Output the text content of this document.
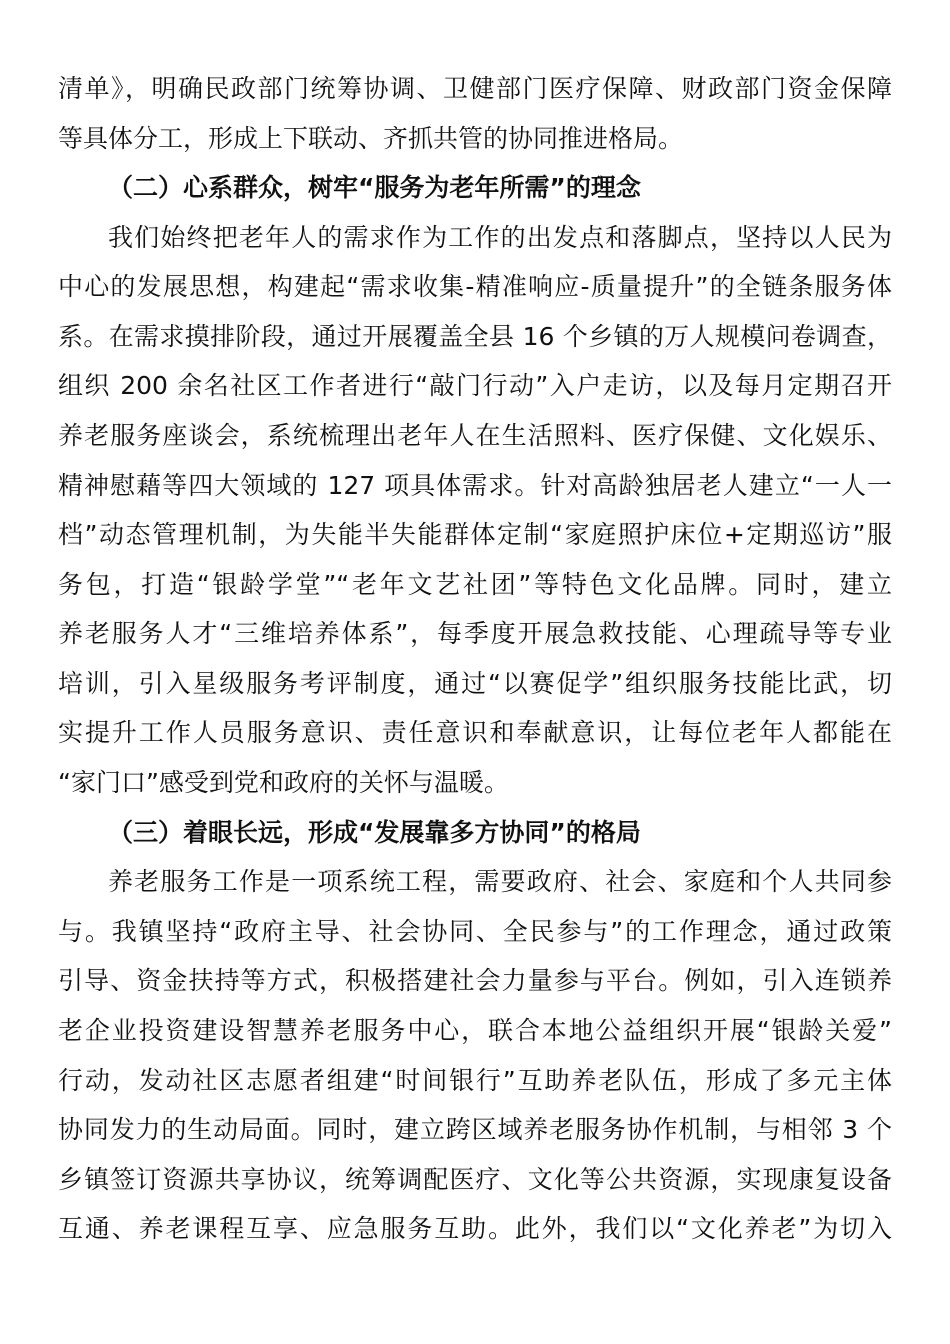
清单》，明确民政部门统筹协调、卫健部门医疗保障、财政部门资金保障
等具体分工，形成上下联动、齐抓共管的协同推进格局。
（二）心系群众，树牢“服务为老年所需”的理念
我们始终把老年人的需求作为工作的出发点和落脚点，坚持以人民为
中心的发展思想，构建起“需求收集-精准响应-质量提升”的全链条服务体
系。在需求摸排阶段，通过开展覆盖全县 16 个乡镇的万人规模问卷调查，
组织 200 余名社区工作者进行“敲门行动”入户走访，以及每月定期召开
养老服务座谈会，系统梳理出老年人在生活照料、医疗保健、文化娱乐、
精神慰藉等四大领域的 127 项具体需求。针对高龄独居老人建立“一人一
档”动态管理机制，为失能半失能群体定制“家庭照护床位+定期巡访”服
务包，打造“银龄学堂”“老年文艺社团”等特色文化品牌。同时，建立
养老服务人才“三维培养体系”，每季度开展急救技能、心理疏导等专业
培训，引入星级服务考评制度，通过“以赛促学”组织服务技能比武，切
实提升工作人员服务意识、责任意识和奉献意识，让每位老年人都能在
“家门口”感受到党和政府的关怀与温暖。
（三）着眼长远，形成“发展靠多方协同”的格局
养老服务工作是一项系统工程，需要政府、社会、家庭和个人共同参
与。我镇坚持“政府主导、社会协同、全民参与”的工作理念，通过政策
引导、资金扶持等方式，积极搭建社会力量参与平台。例如，引入连锁养
老企业投资建设智慧养老服务中心，联合本地公益组织开展“银龄关爱”
行动，发动社区志愿者组建“时间银行”互助养老队伍，形成了多元主体
协同发力的生动局面。同时，建立跨区域养老服务协作机制，与相邻 3 个
乡镇签订资源共享协议，统筹调配医疗、文化等公共资源，实现康复设备
互通、养老课程互享、应急服务互助。此外，我们以“文化养老”为切入
